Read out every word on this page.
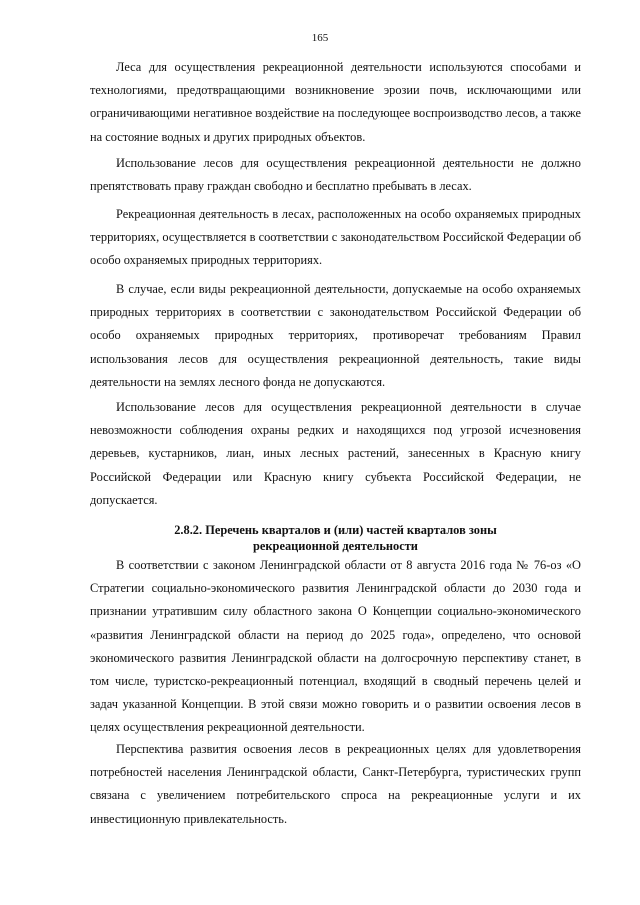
165

Леса для осуществления рекреационной деятельности используются способами и технологиями, предотвращающими возникновение эрозии почв, исключающими или ограничивающими негативное воздействие на последующее воспроизводство лесов, а также на состояние водных и других природных объектов.

Использование лесов для осуществления рекреационной деятельности не должно препятствовать праву граждан свободно и бесплатно пребывать в лесах.

Рекреационная деятельность в лесах, расположенных на особо охраняемых природных территориях, осуществляется в соответствии с законодательством Российской Федерации об особо охраняемых природных территориях.

В случае, если виды рекреационной деятельности, допускаемые на особо охраняемых природных территориях в соответствии с законодательством Российской Федерации об особо охраняемых природных территориях, противоречат требованиям Правил использования лесов для осуществления рекреационной деятельность, такие виды деятельности на землях лесного фонда не допускаются.

Использование лесов для осуществления рекреационной деятельности в случае невозможности соблюдения охраны редких и находящихся под угрозой исчезновения деревьев, кустарников, лиан, иных лесных растений, занесенных в Красную книгу Российской Федерации или Красную книгу субъекта Российской Федерации, не допускается.

2.8.2. Перечень кварталов и (или) частей кварталов зоны
рекреационной деятельности

В соответствии с законом Ленинградской области от 8 августа 2016 года № 76-оз «О Стратегии социально-экономического развития Ленинградской области до 2030 года и признании утратившим силу областного закона О Концепции социально-экономического «развития Ленинградской области на период до 2025 года», определено, что основой экономического развития Ленинградской области на долгосрочную перспективу станет, в том числе, туристско-рекреационный потенциал, входящий в сводный перечень целей и задач указанной Концепции. В этой связи можно говорить и о развитии освоения лесов в целях осуществления рекреационной деятельности.

Перспектива развития освоения лесов в рекреационных целях для удовлетворения потребностей населения Ленинградской области, Санкт-Петербурга, туристических групп связана с увеличением потребительского спроса на рекреационные услуги и их инвестиционную привлекательность.
